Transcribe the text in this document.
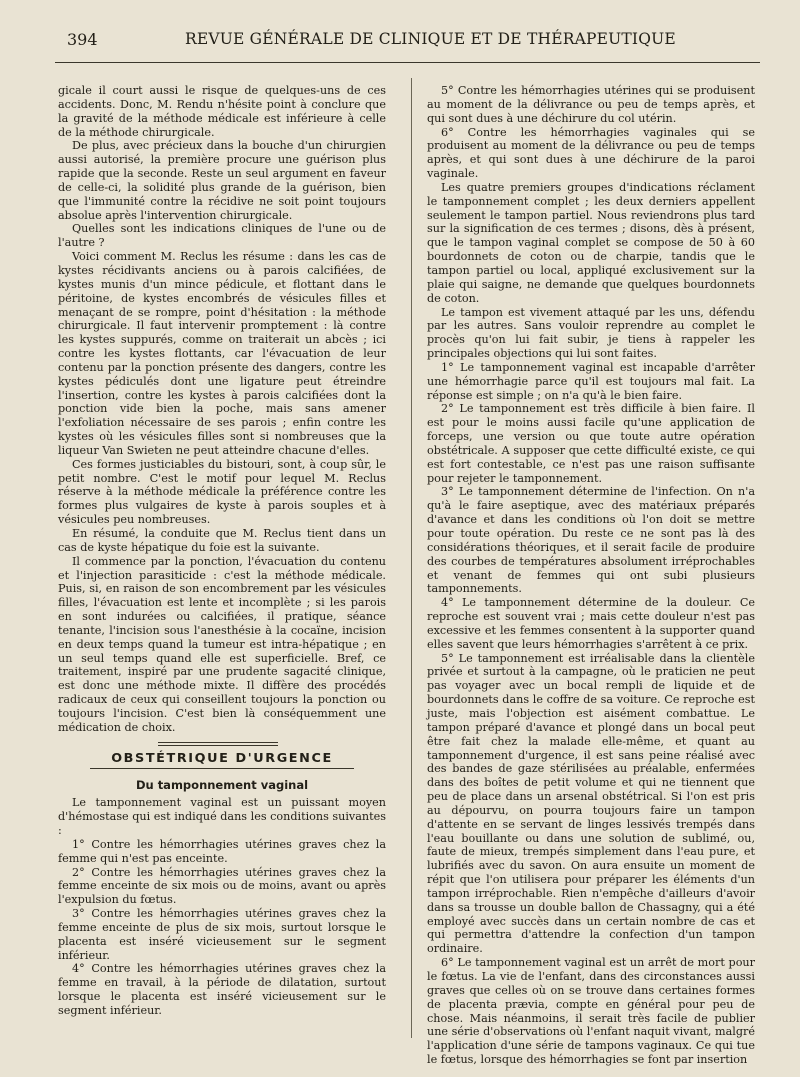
394	REVUE GÉNÉRALE DE CLINIQUE ET DE THÉRAPEUTIQUE

gicale il court aussi le risque de quelques-uns de ces accidents. Donc, M. Rendu n'hésite point à conclure que la gravité de la méthode médicale est inférieure à celle de la méthode chirurgicale.

De plus, avec précieux dans la bouche d'un chirurgien aussi autorisé, la première procure une guérison plus rapide que la seconde. Reste un seul argument en faveur de celle-ci, la solidité plus grande de la guérison, bien que l'immunité contre la récidive ne soit point toujours absolue après l'intervention chirurgicale.

Quelles sont les indications cliniques de l'une ou de l'autre ?

Voici comment M. Reclus les résume : dans les cas de kystes récidivants anciens ou à parois calcifiées, de kystes munis d'un mince pédicule, et flottant dans le péritoine, de kystes encombrés de vésicules filles et menaçant de se rompre, point d'hésitation : la méthode chirurgicale. Il faut intervenir promptement : là contre les kystes suppurés, comme on traiterait un abcès ; ici contre les kystes flottants, car l'évacuation de leur contenu par la ponction présente des dangers, contre les kystes pédiculés dont une ligature peut étreindre l'insertion, contre les kystes à parois calcifiées dont la ponction vide bien la poche, mais sans amener l'exfoliation nécessaire de ses parois ; enfin contre les kystes où les vésicules filles sont si nombreuses que la liqueur Van Swieten ne peut atteindre chacune d'elles.

Ces formes justiciables du bistouri, sont, à coup sûr, le petit nombre. C'est le motif pour lequel M. Reclus réserve à la méthode médicale la préférence contre les formes plus vulgaires de kyste à parois souples et à vésicules peu nombreuses.

En résumé, la conduite que M. Reclus tient dans un cas de kyste hépatique du foie est la suivante.

Il commence par la ponction, l'évacuation du contenu et l'injection parasiticide : c'est la méthode médicale. Puis, si, en raison de son encombrement par les vésicules filles, l'évacuation est lente et incomplète ; si les parois en sont indurées ou calcifiées, il pratique, séance tenante, l'incision sous l'anesthésie à la cocaïne, incision en deux temps quand la tumeur est intra-hépatique ; en un seul temps quand elle est superficielle. Bref, ce traitement, inspiré par une prudente sagacité clinique, est donc une méthode mixte. Il diffère des procédés radicaux de ceux qui conseillent toujours la ponction ou toujours l'incision. C'est bien là conséquemment une médication de choix.

OBSTÉTRIQUE D'URGENCE
Du tamponnement vaginal

Le tamponnement vaginal est un puissant moyen d'hémostase qui est indiqué dans les conditions suivantes :

1° Contre les hémorrhagies utérines graves chez la femme qui n'est pas enceinte.

2° Contre les hémorrhagies utérines graves chez la femme enceinte de six mois ou de moins, avant ou après l'expulsion du fœtus.

3° Contre les hémorrhagies utérines graves chez la femme enceinte de plus de six mois, surtout lorsque le placenta est inséré vicieusement sur le segment inférieur.

4° Contre les hémorrhagies utérines graves chez la femme en travail, à la période de dilatation, surtout lorsque le placenta est inséré vicieusement sur le segment inférieur.

5° Contre les hémorrhagies utérines qui se produisent au moment de la délivrance ou peu de temps après, et qui sont dues à une déchirure du col utérin.

6° Contre les hémorrhagies vaginales qui se produisent au moment de la délivrance ou peu de temps après, et qui sont dues à une déchirure de la paroi vaginale.

Les quatre premiers groupes d'indications réclament le tamponnement complet ; les deux derniers appellent seulement le tampon partiel. Nous reviendrons plus tard sur la signification de ces termes ; disons, dès à présent, que le tampon vaginal complet se compose de 50 à 60 bourdonnets de coton ou de charpie, tandis que le tampon partiel ou local, appliqué exclusivement sur la plaie qui saigne, ne demande que quelques bourdonnets de coton.

Le tampon est vivement attaqué par les uns, défendu par les autres. Sans vouloir reprendre au complet le procès qu'on lui fait subir, je tiens à rappeler les principales objections qui lui sont faites.

1° Le tamponnement vaginal est incapable d'arrêter une hémorrhagie parce qu'il est toujours mal fait. La réponse est simple ; on n'a qu'à le bien faire.

2° Le tamponnement est très difficile à bien faire. Il est pour le moins aussi facile qu'une application de forceps, une version ou que toute autre opération obstétricale. A supposer que cette difficulté existe, ce qui est fort contestable, ce n'est pas une raison suffisante pour rejeter le tamponnement.

3° Le tamponnement détermine de l'infection. On n'a qu'à le faire aseptique, avec des matériaux préparés d'avance et dans les conditions où l'on doit se mettre pour toute opération. Du reste ce ne sont pas là des considérations théoriques, et il serait facile de produire des courbes de températures absolument irréprochables et venant de femmes qui ont subi plusieurs tamponnements.

4° Le tamponnement détermine de la douleur. Ce reproche est souvent vrai ; mais cette douleur n'est pas excessive et les femmes consentent à la supporter quand elles savent que leurs hémorrhagies s'arrêtent à ce prix.

5° Le tamponnement est irréalisable dans la clientèle privée et surtout à la campagne, où le praticien ne peut pas voyager avec un bocal rempli de liquide et de bourdonnets dans le coffre de sa voiture. Ce reproche est juste, mais l'objection est aisément combattue. Le tampon préparé d'avance et plongé dans un bocal peut être fait chez la malade elle-même, et quant au tamponnement d'urgence, il est sans peine réalisé avec des bandes de gaze stérilisées au préalable, enfermées dans des boîtes de petit volume et qui ne tiennent que peu de place dans un arsenal obstétrical. Si l'on est pris au dépourvu, on pourra toujours faire un tampon d'attente en se servant de linges lessivés trempés dans l'eau bouillante ou dans une solution de sublimé, ou, faute de mieux, trempés simplement dans l'eau pure, et lubrifiés avec du savon. On aura ensuite un moment de répit que l'on utilisera pour préparer les éléments d'un tampon irréprochable. Rien n'empêche d'ailleurs d'avoir dans sa trousse un double ballon de Chassagny, qui a été employé avec succès dans un certain nombre de cas et qui permettra d'attendre la confection d'un tampon ordinaire.

6° Le tamponnement vaginal est un arrêt de mort pour le fœtus. La vie de l'enfant, dans des circonstances aussi graves que celles où on se trouve dans certaines formes de placenta prævia, compte en général pour peu de chose. Mais néanmoins, il serait très facile de publier une série d'observations où l'enfant naquit vivant, malgré l'application d'une série de tampons vaginaux. Ce qui tue le fœtus, lorsque des hémorrhagies se font par insertion
